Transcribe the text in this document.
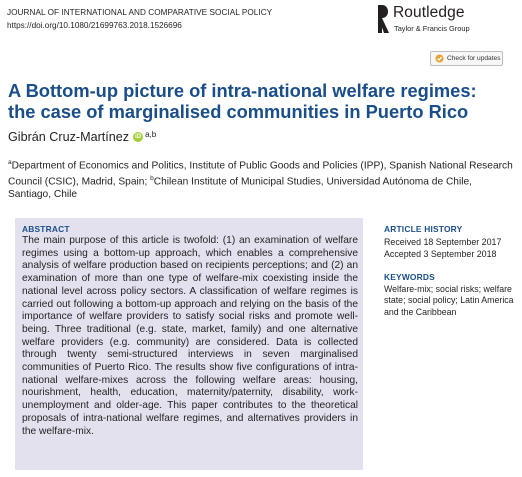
JOURNAL OF INTERNATIONAL AND COMPARATIVE SOCIAL POLICY
https://doi.org/10.1080/21699763.2018.1526696
Routledge
Taylor & Francis Group
Check for updates
A Bottom-up picture of intra-national welfare regimes: the case of marginalised communities in Puerto Rico
Gibrán Cruz-Martínez	iD a,b
$^a$Department of Economics and Politics, Institute of Public Goods and Policies (IPP), Spanish National Research Council (CSIC), Madrid, Spain; $^b$Chilean Institute of Municipal Studies, Universidad Autónoma de Chile, Santiago, Chile
ABSTRACT
The main purpose of this article is twofold: (1) an examination of welfare regimes using a bottom-up approach, which enables a comprehensive analysis of welfare production based on recipients perceptions; and (2) an examination of more than one type of welfare-mix coexisting inside the national level across policy sectors. A classification of welfare regimes is carried out following a bottom-up approach and relying on the basis of the importance of welfare providers to satisfy social risks and promote well-being. Three traditional (e.g. state, market, family) and one alternative welfare providers (e.g. community) are considered. Data is collected through twenty semi-structured interviews in seven marginalised communities of Puerto Rico. The results show five configurations of intra-national welfare-mixes across the following welfare areas: housing, nourishment, health, education, maternity/paternity, disability, work-unemployment and older-age. This paper contributes to the theoretical proposals of intra-national welfare regimes, and alternatives providers in the welfare-mix.
ARTICLE HISTORY
Received 18 September 2017
Accepted 3 September 2018
KEYWORDS
Welfare-mix; social risks; welfare state; social policy; Latin America and the Caribbean
